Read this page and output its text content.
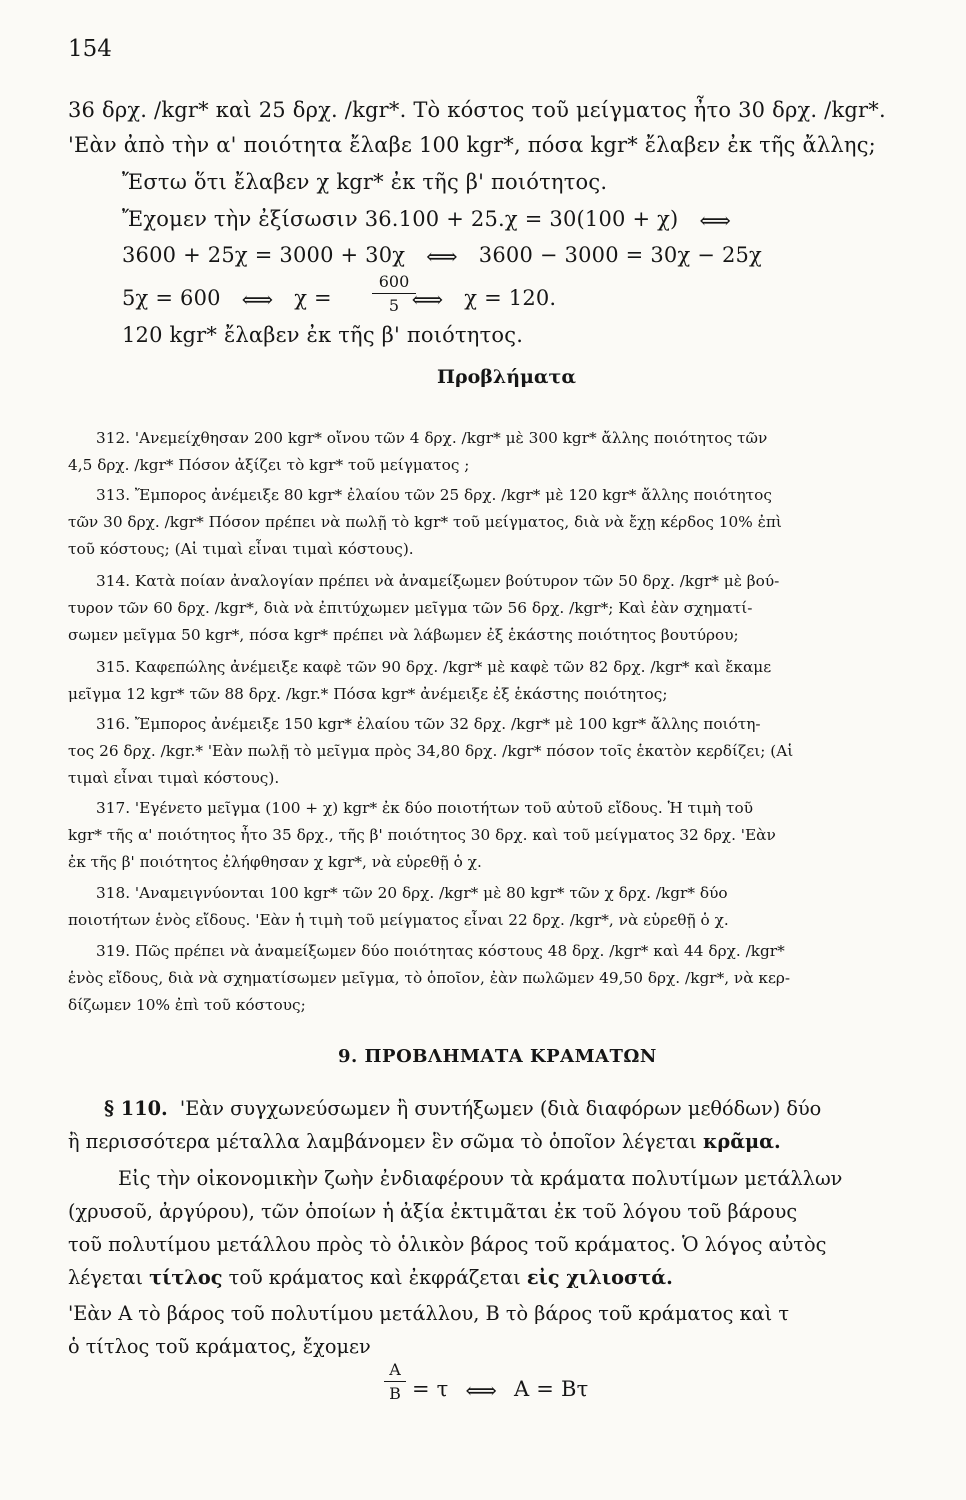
154
36 δρχ. /kgr* καὶ 25 δρχ. /kgr*. Τὸ κόστος τοῦ μείγματος ἦτο 30 δρχ. /kgr*.
'Εὰν ἀπὸ τὴν α' ποιότητα ἔλαβε 100 kgr*, πόσα kgr* ἔλαβεν ἐκ τῆς ἄλλης;
Ἔστω ὅτι ἔλαβεν χ kgr* ἐκ τῆς β' ποιότητος.
Ἔχομεν τὴν ἐξίσωσιν 36.100 + 25.χ = 30(100 + χ) ⟺
3600 + 25χ = 3000 + 30χ ⟺ 3600 − 3000 = 30χ − 25χ
5χ = 600 ⟺ χ =	⟺ χ = 120.
600
5
120 kgr* ἔλαβεν ἐκ τῆς β' ποιότητος.
Προβλήματα
312. 'Ανεμείχθησαν 200 kgr* οἴνου τῶν 4 δρχ. /kgr* μὲ 300 kgr* ἄλλης ποιότητος τῶν
4,5 δρχ. /kgr* Πόσον ἀξίζει τὸ kgr* τοῦ μείγματος ;
313. Ἔμπορος ἀνέμειξε 80 kgr* ἐλαίου τῶν 25 δρχ. /kgr* μὲ 120 kgr* ἄλλης ποιότητος
τῶν 30 δρχ. /kgr* Πόσον πρέπει νὰ πωλῇ τὸ kgr* τοῦ μείγματος, διὰ νὰ ἔχῃ κέρδος 10% ἐπὶ
τοῦ κόστους; (Αἱ τιμαὶ εἶναι τιμαὶ κόστους).
314. Κατὰ ποίαν ἀναλογίαν πρέπει νὰ ἀναμείξωμεν βούτυρον τῶν 50 δρχ. /kgr* μὲ βού-
τυρον τῶν 60 δρχ. /kgr*, διὰ νὰ ἐπιτύχωμεν μεῖγμα τῶν 56 δρχ. /kgr*; Καὶ ἐὰν σχηματί-
σωμεν μεῖγμα 50 kgr*, πόσα kgr* πρέπει νὰ λάβωμεν ἐξ ἑκάστης ποιότητος βουτύρου;
315. Καφεπώλης ἀνέμειξε καφὲ τῶν 90 δρχ. /kgr* μὲ καφὲ τῶν 82 δρχ. /kgr* καὶ ἔκαμε
μεῖγμα 12 kgr* τῶν 88 δρχ. /kgr.* Πόσα kgr* ἀνέμειξε ἐξ ἑκάστης ποιότητος;
316. Ἔμπορος ἀνέμειξε 150 kgr* ἐλαίου τῶν 32 δρχ. /kgr* μὲ 100 kgr* ἄλλης ποιότη-
τος 26 δρχ. /kgr.* 'Εὰν πωλῇ τὸ μεῖγμα πρὸς 34,80 δρχ. /kgr* πόσον τοῖς ἑκατὸν κερδίζει; (Αἱ
τιμαὶ εἶναι τιμαὶ κόστους).
317. 'Εγένετο μεῖγμα (100 + χ) kgr* ἐκ δύο ποιοτήτων τοῦ αὐτοῦ εἴδους. Ἡ τιμὴ τοῦ
kgr* τῆς α' ποιότητος ἦτο 35 δρχ., τῆς β' ποιότητος 30 δρχ. καὶ τοῦ μείγματος 32 δρχ. 'Εὰν
ἐκ τῆς β' ποιότητος ἐλήφθησαν χ kgr*, νὰ εὑρεθῇ ὁ χ.
318. 'Αναμειγνύονται 100 kgr* τῶν 20 δρχ. /kgr* μὲ 80 kgr* τῶν χ δρχ. /kgr* δύο
ποιοτήτων ἑνὸς εἴδους. 'Εὰν ἡ τιμὴ τοῦ μείγματος εἶναι 22 δρχ. /kgr*, νὰ εὑρεθῇ ὁ χ.
319. Πῶς πρέπει νὰ ἀναμείξωμεν δύο ποιότητας κόστους 48 δρχ. /kgr* καὶ 44 δρχ. /kgr*
ἑνὸς εἴδους, διὰ νὰ σχηματίσωμεν μεῖγμα, τὸ ὁποῖον, ἐὰν πωλῶμεν 49,50 δρχ. /kgr*, νὰ κερ-
δίζωμεν 10% ἐπὶ τοῦ κόστους;
9. ΠΡΟΒΛΗΜΑΤΑ ΚΡΑΜΑΤΩΝ
§ 110. 'Εὰν συγχωνεύσωμεν ἢ συντήξωμεν (διὰ διαφόρων μεθόδων) δύο
ἢ περισσότερα μέταλλα λαμβάνομεν ἓν σῶμα τὸ ὁποῖον λέγεται κρᾶμα.
Εἰς τὴν οἰκονομικὴν ζωὴν ἐνδιαφέρουν τὰ κράματα πολυτίμων μετάλλων
(χρυσοῦ, ἀργύρου), τῶν ὁποίων ἡ ἀξία ἐκτιμᾶται ἐκ τοῦ λόγου τοῦ βάρους
τοῦ πολυτίμου μετάλλου πρὸς τὸ ὁλικὸν βάρος τοῦ κράματος. Ὁ λόγος αὐτὸς
λέγεται τίτλος τοῦ κράματος καὶ ἐκφράζεται εἰς χιλιοστά.
'Εὰν Α τὸ βάρος τοῦ πολυτίμου μετάλλου, Β τὸ βάρος τοῦ κράματος καὶ τ
ὁ τίτλος τοῦ κράματος, ἔχομεν
Α
Β = τ ⟺ Α = Βτ
